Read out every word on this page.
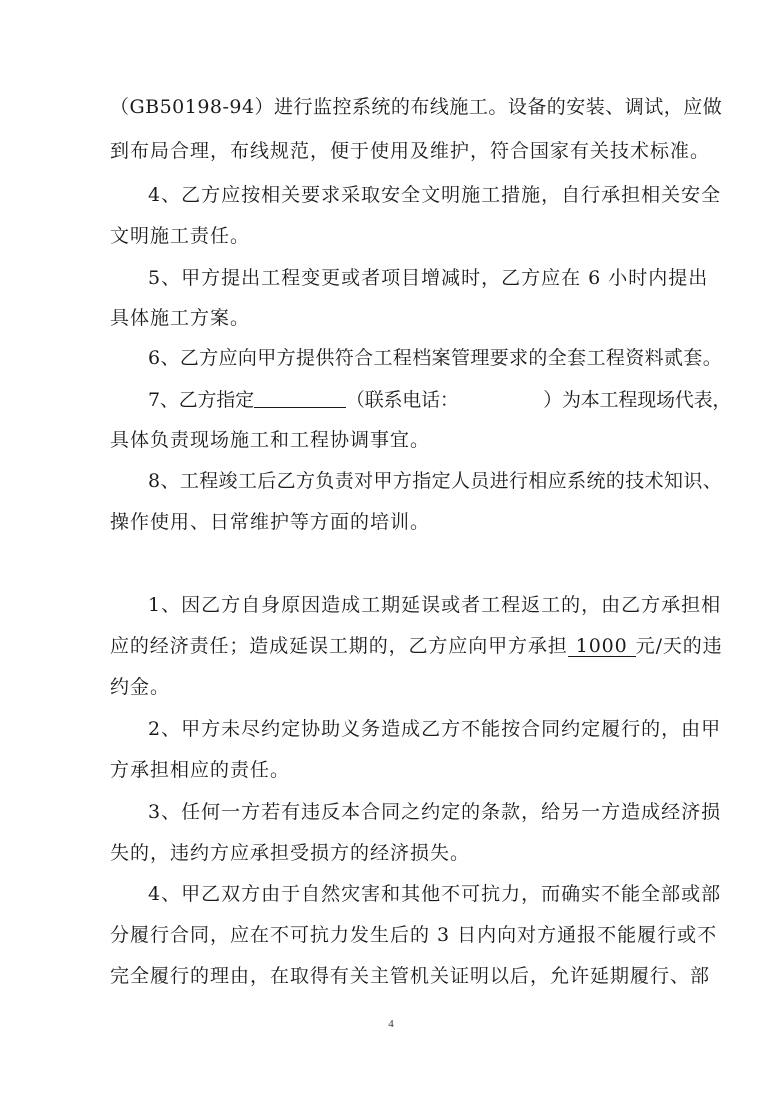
（GB50198-94）进行监控系统的布线施工。设备的安装、调试，应做
到布局合理，布线规范，便于使用及维护，符合国家有关技术标准。
4、乙方应按相关要求采取安全文明施工措施，自行承担相关安全
文明施工责任。
5、甲方提出工程变更或者项目增减时，乙方应在 6 小时内提出
具体施工方案。
6、乙方应向甲方提供符合工程档案管理要求的全套工程资料贰套。
7、乙方指定	（联系电话：　　　　　）为本工程现场代表，
具体负责现场施工和工程协调事宜。
8、工程竣工后乙方负责对甲方指定人员进行相应系统的技术知识、
操作使用、日常维护等方面的培训。
1、因乙方自身原因造成工期延误或者工程返工的，由乙方承担相
应的经济责任；造成延误工期的，乙方应向甲方承担 1000 元/天的违
约金。
2、甲方未尽约定协助义务造成乙方不能按合同约定履行的，由甲
方承担相应的责任。
3、任何一方若有违反本合同之约定的条款，给另一方造成经济损
失的，违约方应承担受损方的经济损失。
4、甲乙双方由于自然灾害和其他不可抗力，而确实不能全部或部
分履行合同，应在不可抗力发生后的 3 日内向对方通报不能履行或不
完全履行的理由，在取得有关主管机关证明以后，允许延期履行、部
4
